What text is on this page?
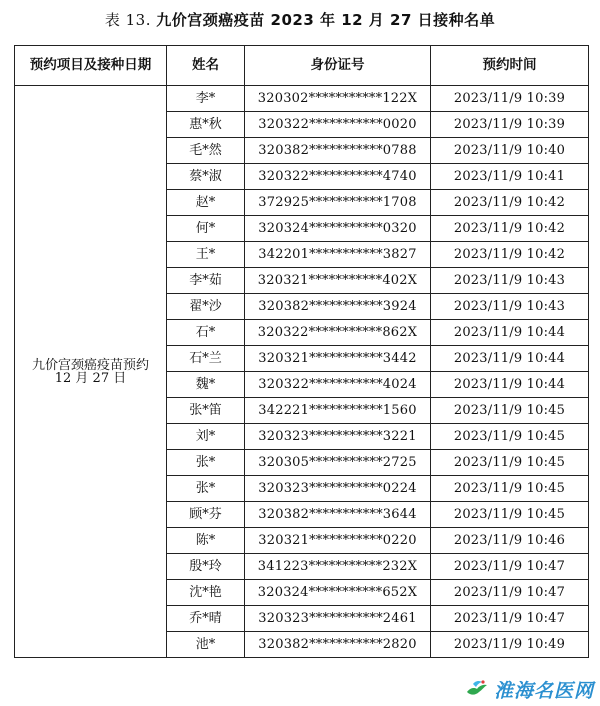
表 13. 九价宫颈癌疫苗 2023 年 12 月 27 日接种名单
预约项目及接种日期	姓名	身份证号	预约时间

九价宫颈癌疫苗预约
12 月 27 日	李*	320302***********122X	2023/11/9 10:39
	惠*秋	320322***********0020	2023/11/9 10:39
	毛*然	320382***********0788	2023/11/9 10:40
	蔡*淑	320322***********4740	2023/11/9 10:41
	赵*	372925***********1708	2023/11/9 10:42
	何*	320324***********0320	2023/11/9 10:42
	王*	342201***********3827	2023/11/9 10:42
	李*茹	320321***********402X	2023/11/9 10:43
	翟*沙	320382***********3924	2023/11/9 10:43
	石*	320322***********862X	2023/11/9 10:44
	石*兰	320321***********3442	2023/11/9 10:44
	魏*	320322***********4024	2023/11/9 10:44
	张*笛	342221***********1560	2023/11/9 10:45
	刘*	320323***********3221	2023/11/9 10:45
	张*	320305***********2725	2023/11/9 10:45
	张*	320323***********0224	2023/11/9 10:45
	顾*芬	320382***********3644	2023/11/9 10:45
	陈*	320321***********0220	2023/11/9 10:46
	殷*玲	341223***********232X	2023/11/9 10:47
	沈*艳	320324***********652X	2023/11/9 10:47
	乔*晴	320323***********2461	2023/11/9 10:47
	池*	320382***********2820	2023/11/9 10:49
淮海名医网
